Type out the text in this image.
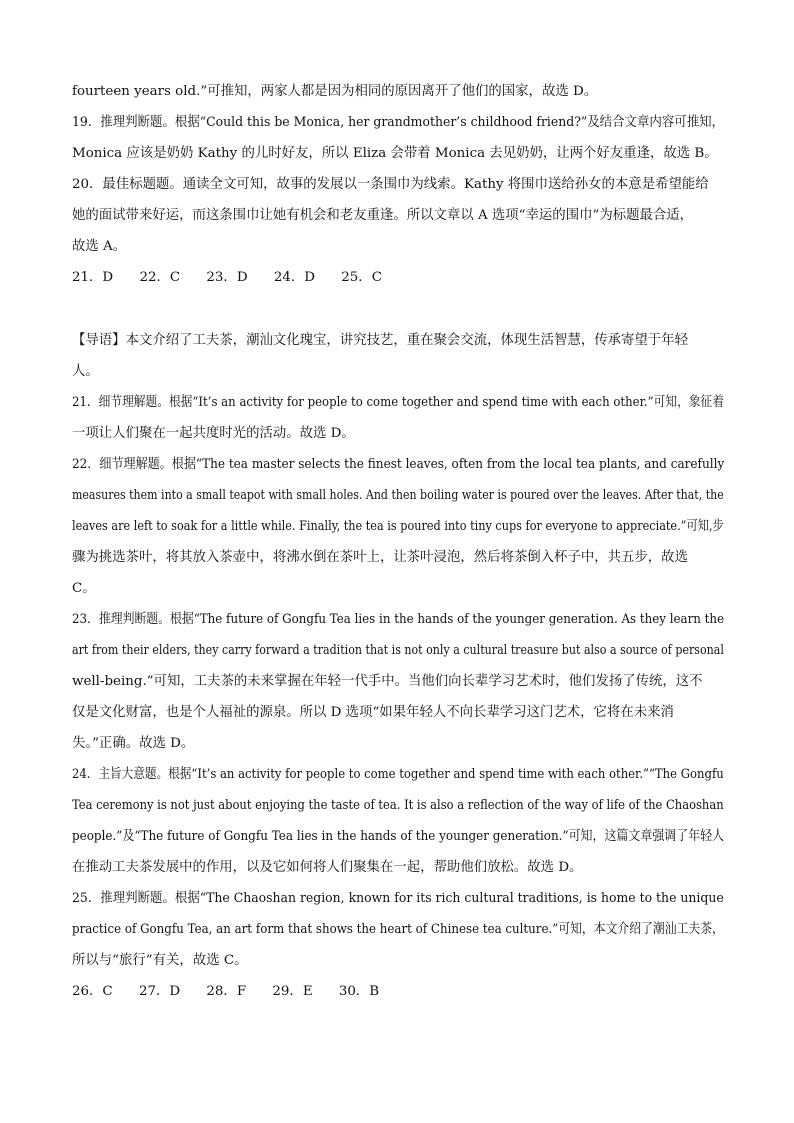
fourteen years old.”可推知，两家人都是因为相同的原因离开了他们的国家，故选 D。
19．推理判断题。根据“Could this be Monica, her grandmother’s childhood friend?”及结合文章内容可推知，
Monica 应该是奶奶 Kathy 的儿时好友，所以 Eliza 会带着 Monica 去见奶奶，让两个好友重逢，故选 B。
20．最佳标题题。通读全文可知，故事的发展以一条围巾为线索。Kathy 将围巾送给孙女的本意是希望能给
她的面试带来好运，而这条围巾让她有机会和老友重逢。所以文章以 A 选项“幸运的围巾”为标题最合适，
故选 A。
21．D 22．C 23．D 24．D 25．C
【导语】本文介绍了工夫茶，潮汕文化瑰宝，讲究技艺，重在聚会交流，体现生活智慧，传承寄望于年轻
人。
21．细节理解题。根据“It’s an activity for people to come together and spend time with each other.”可知，象征着
一项让人们聚在一起共度时光的活动。故选 D。
22．细节理解题。根据“The tea master selects the finest leaves, often from the local tea plants, and carefully
measures them into a small teapot with small holes. And then boiling water is poured over the leaves. After that, the
leaves are left to soak for a little while. Finally, the tea is poured into tiny cups for everyone to appreciate.”可知,步
骤为挑选茶叶，将其放入茶壶中，将沸水倒在茶叶上，让茶叶浸泡，然后将茶倒入杯子中，共五步，故选
C。
23．推理判断题。根据“The future of Gongfu Tea lies in the hands of the younger generation. As they learn the
art from their elders, they carry forward a tradition that is not only a cultural treasure but also a source of personal
well-being.”可知，工夫茶的未来掌握在年轻一代手中。当他们向长辈学习艺术时，他们发扬了传统，这不
仅是文化财富，也是个人福祉的源泉。所以 D 选项“如果年轻人不向长辈学习这门艺术，它将在未来消
失。”正确。故选 D。
24．主旨大意题。根据“It’s an activity for people to come together and spend time with each other.”“The Gongfu
Tea ceremony is not just about enjoying the taste of tea. It is also a reflection of the way of life of the Chaoshan
people.”及“The future of Gongfu Tea lies in the hands of the younger generation.”可知，这篇文章强调了年轻人
在推动工夫茶发展中的作用，以及它如何将人们聚集在一起，帮助他们放松。故选 D。
25．推理判断题。根据“The Chaoshan region, known for its rich cultural traditions, is home to the unique
practice of Gongfu Tea, an art form that shows the heart of Chinese tea culture.”可知，本文介绍了潮汕工夫茶，
所以与“旅行”有关，故选 C。
26．C 27．D 28．F 29．E 30．B
